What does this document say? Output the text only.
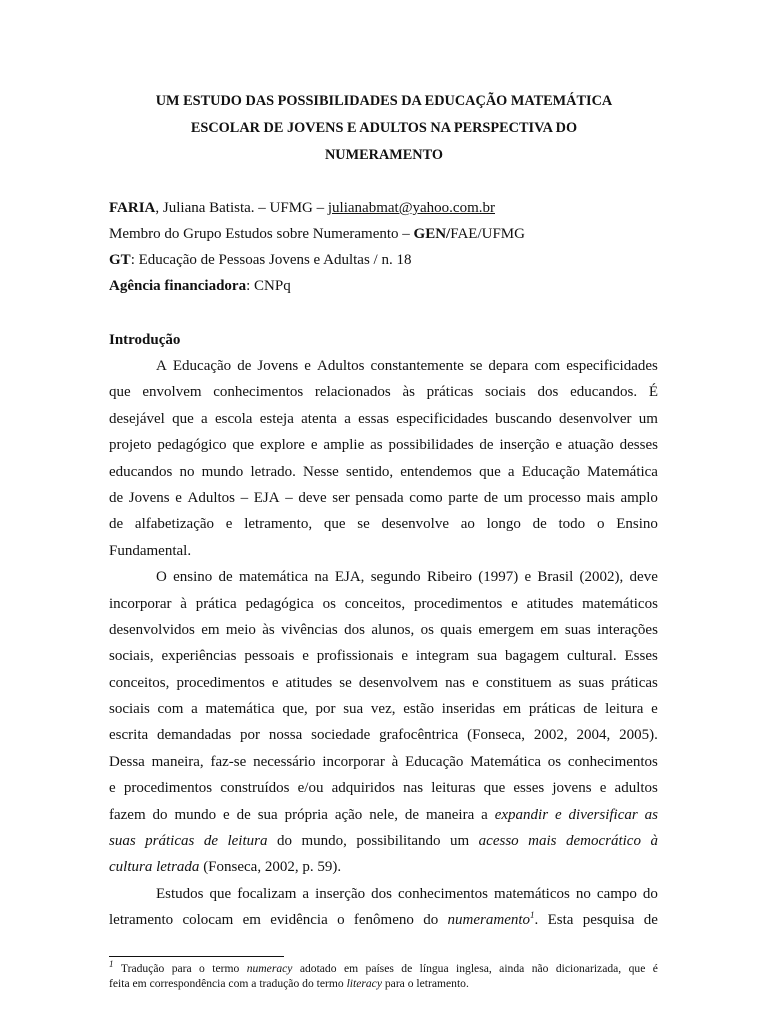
UM ESTUDO DAS POSSIBILIDADES DA EDUCAÇÃO MATEMÁTICA
ESCOLAR DE JOVENS E ADULTOS NA PERSPECTIVA DO
NUMERAMENTO
FARIA, Juliana Batista. – UFMG – julianabmat@yahoo.com.br
Membro do Grupo Estudos sobre Numeramento – GEN/FAE/UFMG
GT: Educação de Pessoas Jovens e Adultas / n. 18
Agência financiadora: CNPq
Introdução
A Educação de Jovens e Adultos constantemente se depara com especificidades
que envolvem conhecimentos relacionados às práticas sociais dos educandos. É
desejável que a escola esteja atenta a essas especificidades buscando desenvolver um
projeto pedagógico que explore e amplie as possibilidades de inserção e atuação desses
educandos no mundo letrado. Nesse sentido, entendemos que a Educação Matemática
de Jovens e Adultos – EJA – deve ser pensada como parte de um processo mais amplo
de alfabetização e letramento, que se desenvolve ao longo de todo o Ensino
Fundamental.
O ensino de matemática na EJA, segundo Ribeiro (1997) e Brasil (2002), deve
incorporar à prática pedagógica os conceitos, procedimentos e atitudes matemáticos
desenvolvidos em meio às vivências dos alunos, os quais emergem em suas interações
sociais, experiências pessoais e profissionais e integram sua bagagem cultural. Esses
conceitos, procedimentos e atitudes se desenvolvem nas e constituem as suas práticas
sociais com a matemática que, por sua vez, estão inseridas em práticas de leitura e
escrita demandadas por nossa sociedade grafocêntrica (Fonseca, 2002, 2004, 2005).
Dessa maneira, faz-se necessário incorporar à Educação Matemática os conhecimentos
e procedimentos construídos e/ou adquiridos nas leituras que esses jovens e adultos
fazem do mundo e de sua própria ação nele, de maneira a expandir e diversificar as
suas práticas de leitura do mundo, possibilitando um acesso mais democrático à
cultura letrada (Fonseca, 2002, p. 59).
Estudos que focalizam a inserção dos conhecimentos matemáticos no campo do
letramento colocam em evidência o fenômeno do numeramento$^1$. Esta pesquisa de
$^1$ Tradução para o termo numeracy adotado em países de língua inglesa, ainda não dicionarizada, que é
feita em correspondência com a tradução do termo literacy para o letramento.
